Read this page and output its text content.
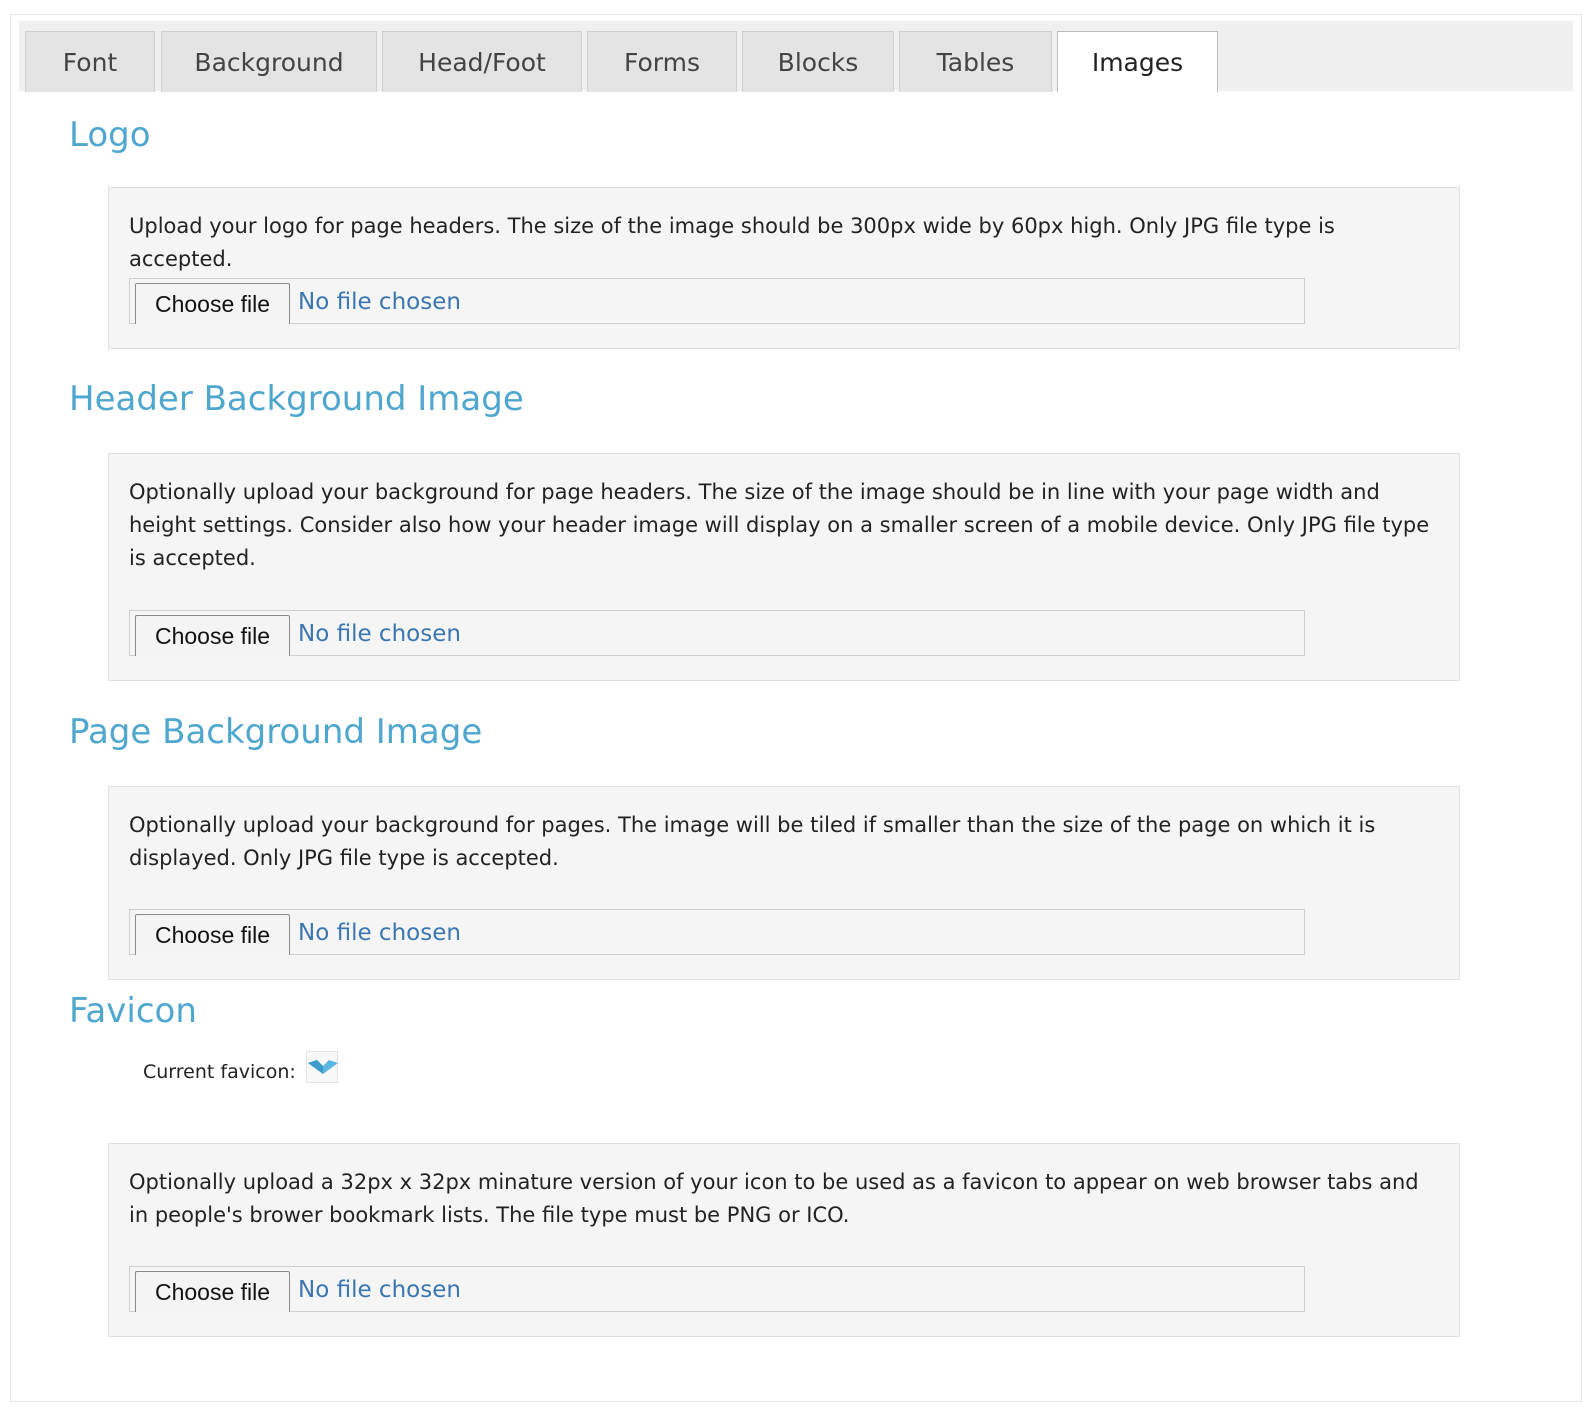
Font	Background	Head/Foot	Forms	Blocks	Tables	Images
Logo

Upload your logo for page headers. The size of the image should be 300px wide by 60px high. Only JPG file type is accepted.

Choose file	No file chosen
Header Background Image

Optionally upload your background for page headers. The size of the image should be in line with your page width and height settings. Consider also how your header image will display on a smaller screen of a mobile device. Only JPG file type is accepted.

Choose file	No file chosen
Page Background Image

Optionally upload your background for pages. The image will be tiled if smaller than the size of the page on which it is displayed. Only JPG file type is accepted.

Choose file	No file chosen
Favicon
Current favicon:

Optionally upload a 32px x 32px minature version of your icon to be used as a favicon to appear on web browser tabs and in people's brower bookmark lists. The file type must be PNG or ICO.

Choose file	No file chosen
